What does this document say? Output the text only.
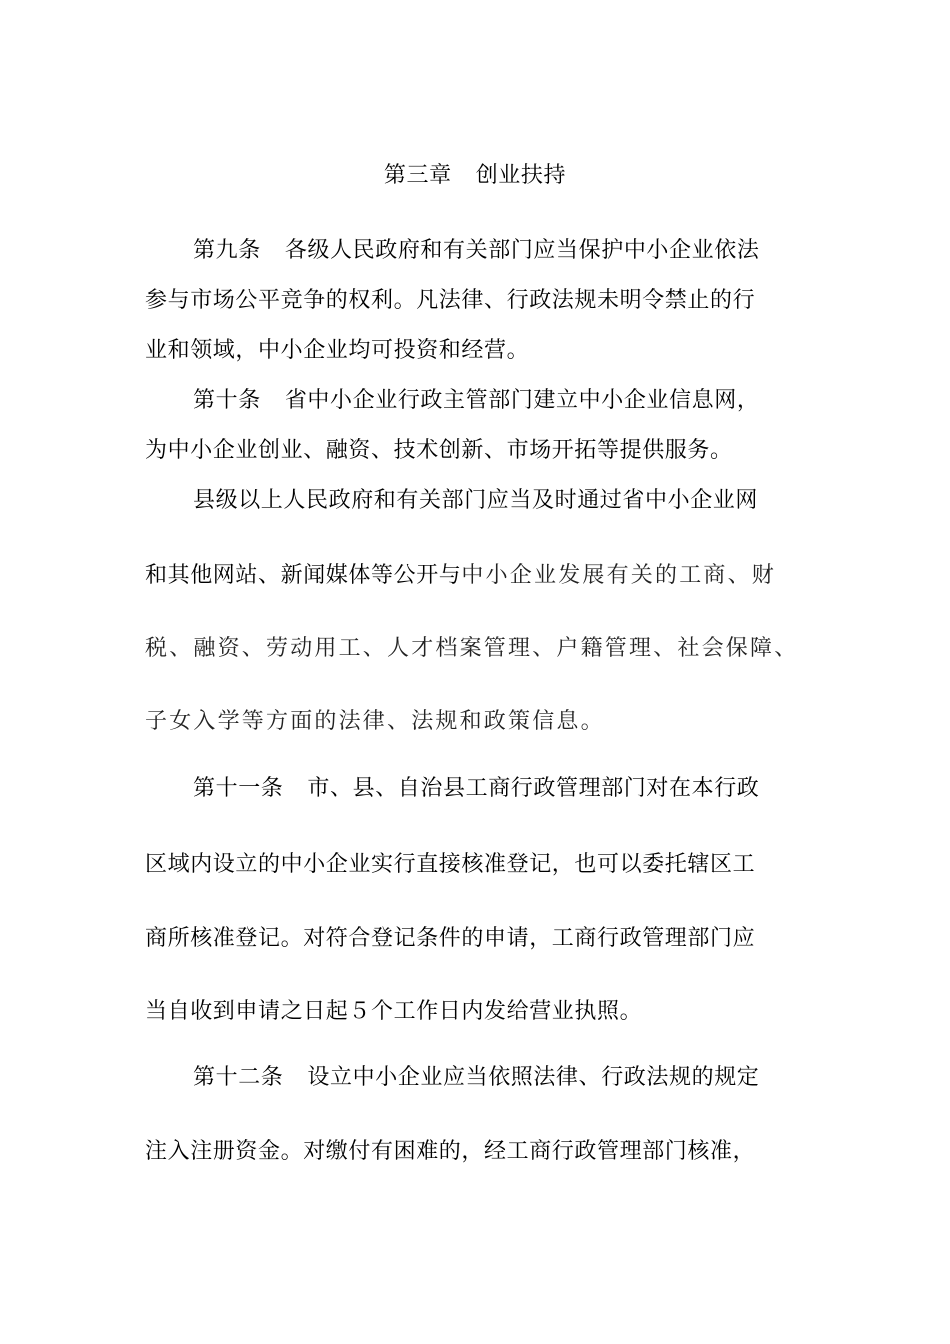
第三章 创业扶持
第九条 各级人民政府和有关部门应当保护中小企业依法
参与市场公平竞争的权利。凡法律、行政法规未明令禁止的行
业和领域，中小企业均可投资和经营。
第十条 省中小企业行政主管部门建立中小企业信息网，
为中小企业创业、融资、技术创新、市场开拓等提供服务。
县级以上人民政府和有关部门应当及时通过省中小企业网
和其他网站、新闻媒体等公开与中小企业发展有关的工商、财
税、融资、劳动用工、人才档案管理、户籍管理、社会保障、
子女入学等方面的法律、法规和政策信息。
第十一条 市、县、自治县工商行政管理部门对在本行政
区域内设立的中小企业实行直接核准登记，也可以委托辖区工
商所核准登记。对符合登记条件的申请，工商行政管理部门应
当自收到申请之日起５个工作日内发给营业执照。
第十二条 设立中小企业应当依照法律、行政法规的规定
注入注册资金。对缴付有困难的，经工商行政管理部门核准，
